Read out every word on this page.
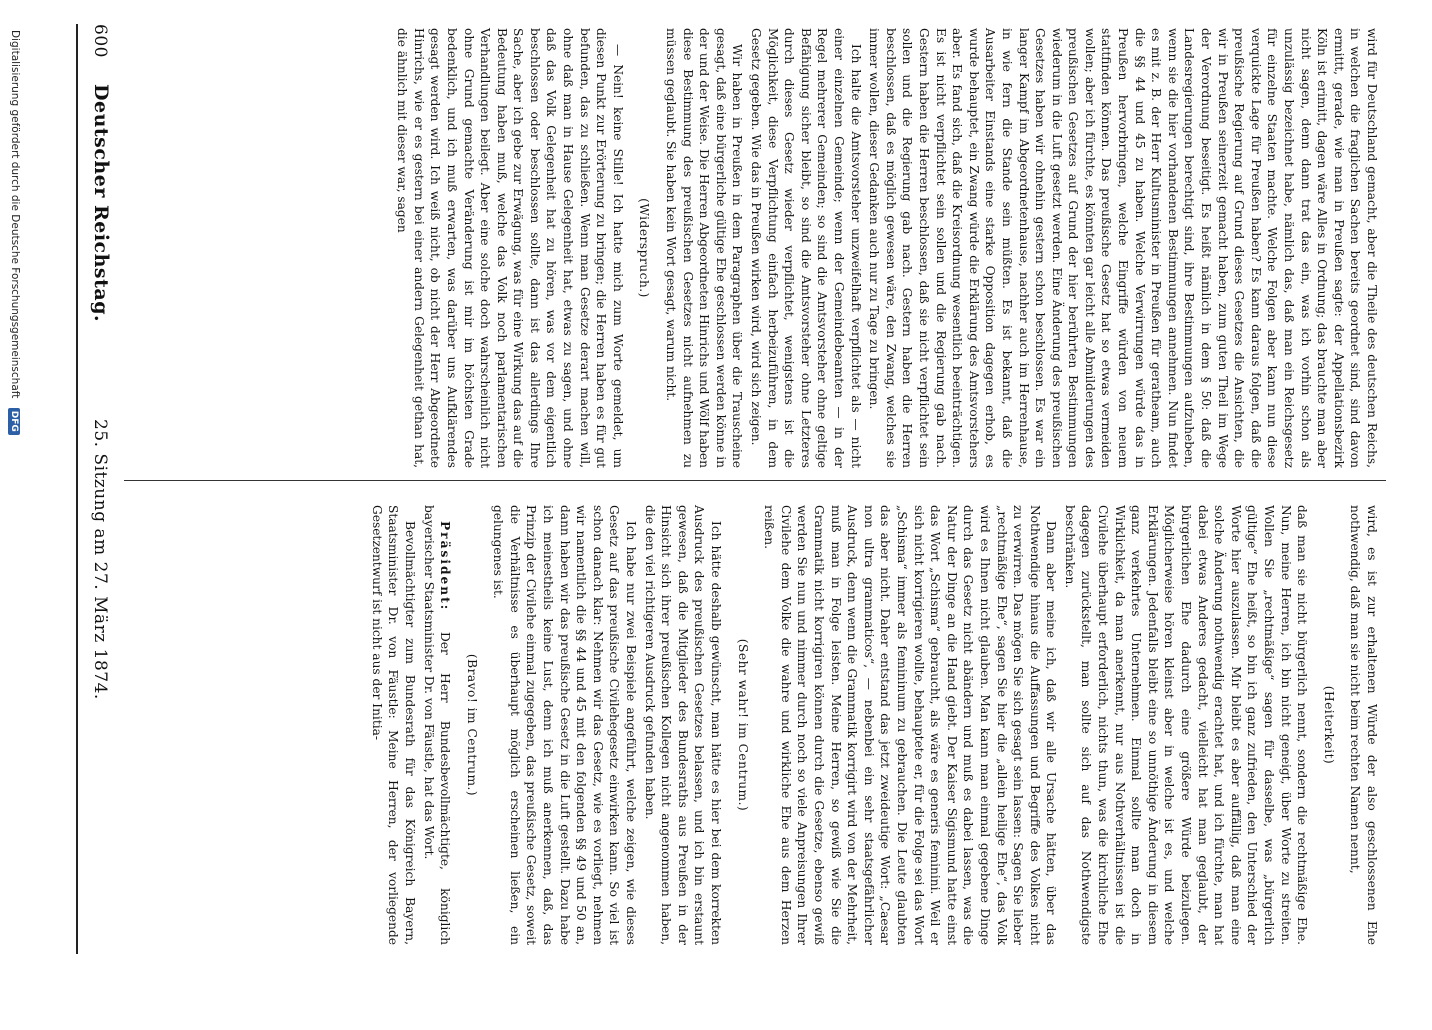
600
Deutscher Reichstag.
25. Sitzung am 27. März 1874.

wird für Deutschland gemacht, aber die Theile des deutschen Reichs, in welchen die fraglichen Sachen bereits geordnet sind, sind davon ermittt, gerade, wie man in Preußen sagte: der Appellationsbezirk Köln ist erimitt, dagen wäre Alles in Ordnung; das brauchte man aber nicht sagen, denn dann trat das ein, was ich vorhin schon als unzulässig bezeichnet habe, nämlich das, daß man ein Reichsgesetz für einzelne Staaten machte. Welche Folgen aber kann nun diese verquickte Lage für Preußen haben? Es kann daraus folgen, daß die preußische Regierung auf Grund dieses Gesetzes die Ansichten, die wir in Preußen seinerzeit gemacht haben, zum guten Theil im Wege der Verordnung beseitigt. Es heißt nämlich in dem § 50: daß die Landesregierungen berechtigt sind, ihre Bestimmungen aufzuheben, wenn sie die hier vorhandenen Bestimmungen annehmen. Nun findet es mit z. B. der Herr Kultusminister in Preußen für geratheam, auch die §§ 44 und 45 zu haben. Welche Verwirrungen würde das in Preußen hervorbringen, welche Eingriffe würden von neuem stattfinden können. Das preußische Gesetz hat so etwas vermeiden wollen; aber ich fürchte, es könnten gar leicht alle Abmilderungen des preußischen Gesetzes auf Grund der hier berührten Bestimmungen wiederum in die Luft gesetzt werden. Eine Änderung des preußischen Gesetzes haben wir ohnehin gestern schon beschlossen. Es war ein langer Kampf im Abgeordnetenhause, nachher auch im Herrenhause, in wie fern die Stande sein müßten. Es ist bekannt, daß die Ausarbeiter Einstands eine starke Opposition dagegen erhob, es wurde behauptet, ein Zwang würde die Erklärung des Amtsvorstehers aber. Es fand sich, daß die Kreisordnung wesentlich beeinträchtigen. Es ist nicht verpflichtet sein sollen und die Regierung gab nach. Gestern haben die Herren beschlossen, daß sie nicht verpflichtet sein sollen und die Regierung gab nach. Gestern haben die Herren beschlossen, daß es möglich gewesen wäre, den Zwang, welches sie immer wollen, dieser Gedanken auch nur zu Tage zu bringen.

Ich halte die Amtsvorsteher unzweifelhaft verpflichtet als — nicht einer einzelnen Gemeinde; wenn der Gemeindebeamten — in der Regel mehrerer Gemeinden; so sind die Amtsvorsteher ohne geltige Befähigung sicher bleibt, so sind die Amtsvorsteher ohne Letzteres durch dieses Gesetz wieder verpflichtet, wenigstens ist die Möglichkeit, diese Verpflichtung einfach herbeizuführen, in dem Gesetz gegeben. Wie das in Preußen wirken wird, wird sich zeigen.

Wir haben in Preußen in dem Paragraphen über die Trauscheine gesagt, daß eine bürgerliche gültige Ehe geschlossen werden könne in der und der Weise. Die Herren Abgeordneten Hinrichs und Wölf haben diese Bestimmung des preußischen Gesetzes nicht aufnehmen zu müssen geglaubt. Sie haben kein Wort gesagt, warum nicht.

(Widerspruch.)

— Nein! keine Stille! Ich hatte mich zum Worte gemeldet, um diesen Punkt zur Erörterung zu bringen; die Herren haben es für gut befunden, das zu schließen. Wenn man Gesetze derart machen will, ohne daß man in Hause Gelegenheit hat, etwas zu sagen, und ohne daß das Volk Gelegenheit hat zu hören, was vor dem eigentlich beschlossen oder beschlossen sollte, dann ist das allerdings Ihre Sache, aber ich gebe zur Erwägung, was für eine Wirkung das auf die Bedeutung haben muß, welche das Volk noch parlamentarischen Verhandlungen beilegt. Aber eine solche doch wahrscheinlich nicht ohne Grund gemachte Veränderung ist mir im höchsten Grade bedenklich, und ich muß erwarten, was darüber uns Aufklärendes gesagt werden wird. Ich weiß nicht, ob nicht der Herr Abgeordnete Hinrichs, wie er es gestern bei einer andern Gelegenheit gethan hat, die ähnlich mit dieser war, sagen

wird, es ist zur erhaltenen Würde der also geschlossenen Ehe nothwendig, daß man sie nicht beim rechten Namen nennt,

(Heiterkeit)

daß man sie nicht bürgerlich nennt, sondern die rechtmäßige Ehe. Nun, meine Herren, ich bin nicht geneigt, über Worte zu streiten. Wollen Sie „rechtmäßige“ sagen für dasselbe, was „bürgerlich gültige“ Ehe heißt, so bin ich ganz zufrieden, den Unterschied der Worte hier auszulassen. Mir bleibt es aber auffällig, daß man eine solche Änderung nothwendig erachtet hat, und ich fürchte, man hat dabei etwas Anderes gedacht, vielleicht hat man geglaubt, der bürgerlichen Ehe dadurch eine größere Würde beizulegen. Möglicherweise hören kleinst aber in welche ist es, und welche Erklärungen. Jedenfalls bleibt eine so unnöthige Änderung in diesem ganz verkehrtes Unternehmen. Einmal sollte man doch in Wirklichkeit, da man anerkennt, nur aus Nothverhältnissen ist die Civilehe überhaupt erforderlich, nichts thun, was die kirchliche Ehe dagegen zurückstellt, man sollte sich auf das Nothwendigste beschränken.

Dann aber meine ich, daß wir alle Ursache hätten, über das Nothwendige hinaus die Auffassungen und Begriffe des Volkes nicht zu verwirren. Das mögen Sie sich gesagt sein lassen: Sagen Sie lieber „rechtmäßige Ehe“, sagen Sie hier die „allein heilige Ehe“, das Volk wird es Ihnen nicht glauben. Man kann man einmal gegebene Dinge durch das Gesetz nicht abändern und muß es dabei lassen, was die Natur der Dinge an die Hand giebt. Der Kaiser Sigismund hatte einst das Wort „Schisma“ gebraucht, als wäre es generis feminini. Weil er sich nicht korrigieren wollte, behauptete er, für die Folge sei das Wort „Schisma“ immer als femininum zu gebrauchen. Die Leute glaubten das aber nicht. Daher entstand das jetzt zweideutige Wort: „Caesar non ultra grammaticos“, — nebenbei ein sehr staatsgefährlicher Ausdruck, denn wenn die Grammatik korrigirt wird von der Mehrheit, muß man in Folge leisten. Meine Herren, so gewiß wie Sie die Grammatik nicht korrigiren können durch die Gesetze, ebenso gewiß werden Sie nun und nimmer durch noch so viele Anpreisungen Ihrer Civilehe dem Volke die wahre und wirkliche Ehe aus dem Herzen reißen.

(Sehr wahr! im Centrum.)

Ich hätte deshalb gewünscht, man hätte es hier bei dem korrekten Ausdruck des preußischen Gesetzes belassen, und ich bin erstaunt gewesen, daß die Mitglieder des Bundesraths aus Preußen in der Hinsicht sich ihrer preußischen Kollegen nicht angenommen haben, die den viel richtigeren Ausdruck gefunden haben.

Ich habe nur zwei Beispiele angeführt, welche zeigen, wie dieses Gesetz auf das preußische Civilehegesetz einwirken kann. So viel ist schon danach klar: Nehmen wir das Gesetz, wie es vorliegt, nehmen wir namentlich die §§ 44 und 45 mit den folgenden §§ 49 und 50 an, dann haben wir das preußische Gesetz in die Luft gestellt. Dazu habe ich meinestheils keine Lust, denn ich muß anerkennen, daß, das Prinzip der Civilehe einmal zugegeben, das preußische Gesetz, soweit die Verhältnisse es überhaupt möglich erscheinen ließen, ein gelungenes ist.

(Bravo! im Centrum.)

Präsident: Der Herr Bundesbevollmächtigte, königlich bayerischer Staatsminister Dr. von Fäustle, hat das Wort.

Bevollmächtigter zum Bundesrath für das Königreich Bayern, Staatsminister Dr. von Fäustle: Meine Herren, der vorliegende Gesetzentwurf ist nicht aus der Initia-

Digitalisierung gefördert durch die Deutsche Forschungsgemeinschaft DFG
